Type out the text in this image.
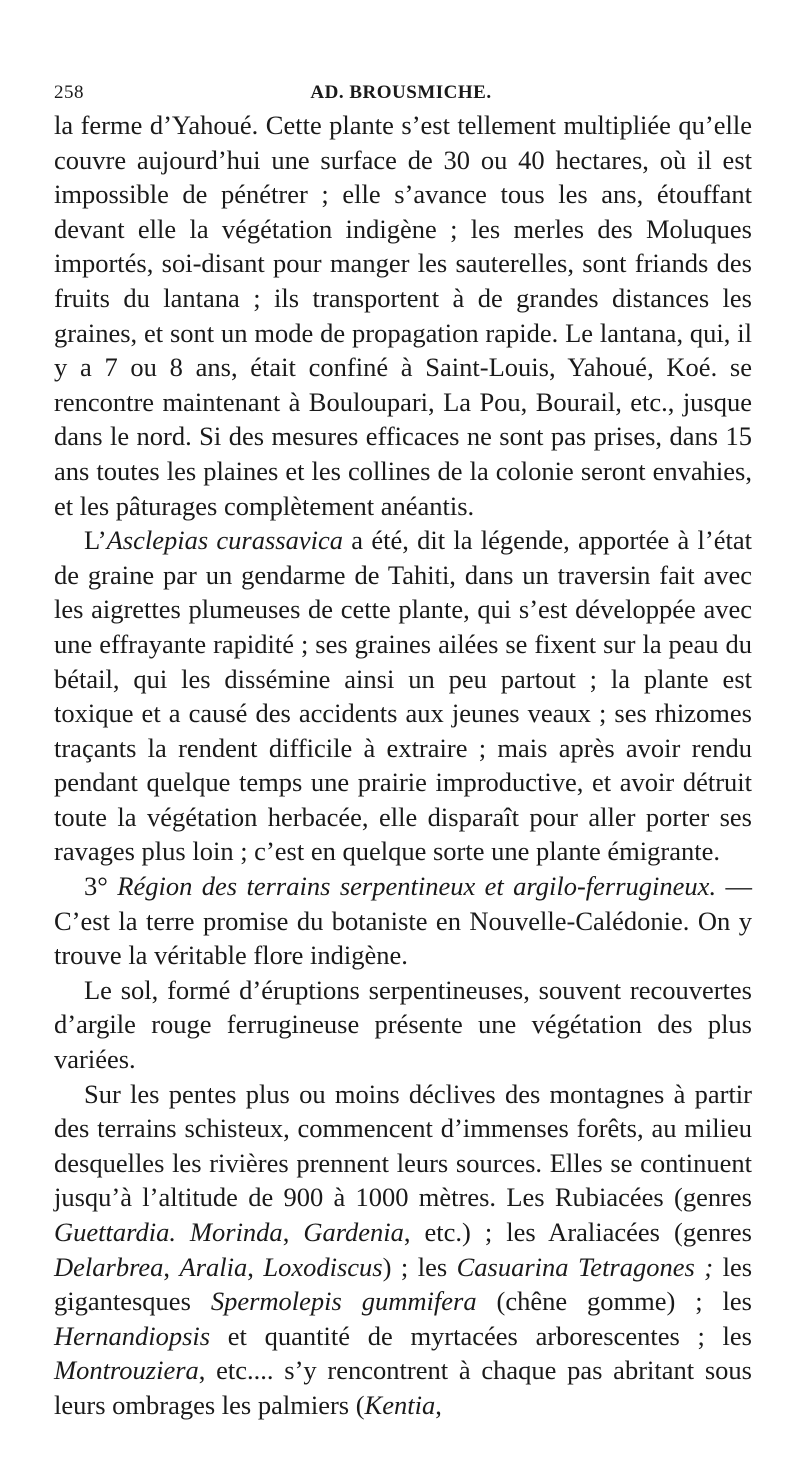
258	AD. BROUSMICHE.

la ferme d’Yahoué. Cette plante s’est tellement multipliée qu’elle couvre aujourd’hui une surface de 30 ou 40 hectares, où il est impossible de pénétrer ; elle s’avance tous les ans, étouffant devant elle la végétation indigène ; les merles des Moluques importés, soi-disant pour manger les sauterelles, sont friands des fruits du lantana ; ils transportent à de grandes distances les graines, et sont un mode de propagation rapide. Le lantana, qui, il y a 7 ou 8 ans, était confiné à Saint-Louis, Yahoué, Koé. se rencontre maintenant à Bouloupari, La Pou, Bourail, etc., jusque dans le nord. Si des mesures efficaces ne sont pas prises, dans 15 ans toutes les plaines et les collines de la colonie seront envahies, et les pâturages complètement anéantis.

L’Asclepias curassavica a été, dit la légende, apportée à l’état de graine par un gendarme de Tahiti, dans un traversin fait avec les aigrettes plumeuses de cette plante, qui s’est développée avec une effrayante rapidité ; ses graines ailées se fixent sur la peau du bétail, qui les dissémine ainsi un peu partout ; la plante est toxique et a causé des accidents aux jeunes veaux ; ses rhizomes traçants la rendent difficile à extraire ; mais après avoir rendu pendant quelque temps une prairie improductive, et avoir détruit toute la végétation herbacée, elle disparaît pour aller porter ses ravages plus loin ; c’est en quelque sorte une plante émigrante.

3° Région des terrains serpentineux et argilo-ferrugineux. — C’est la terre promise du botaniste en Nouvelle-Calédonie. On y trouve la véritable flore indigène.

Le sol, formé d’éruptions serpentineuses, souvent recouvertes d’argile rouge ferrugineuse présente une végétation des plus variées.

Sur les pentes plus ou moins déclives des montagnes à partir des terrains schisteux, commencent d’immenses forêts, au milieu desquelles les rivières prennent leurs sources. Elles se continuent jusqu’à l’altitude de 900 à 1000 mètres. Les Rubiacées (genres Guettardia. Morinda, Gardenia, etc.) ; les Araliacées (genres Delarbrea, Aralia, Loxodiscus) ; les Casuarina Tetragones ; les gigantesques Spermolepis gummifera (chêne gomme) ; les Hernandiopsis et quantité de myrtacées arborescentes ; les Montrouziera, etc.... s’y rencontrent à chaque pas abritant sous leurs ombrages les palmiers (Kentia,
